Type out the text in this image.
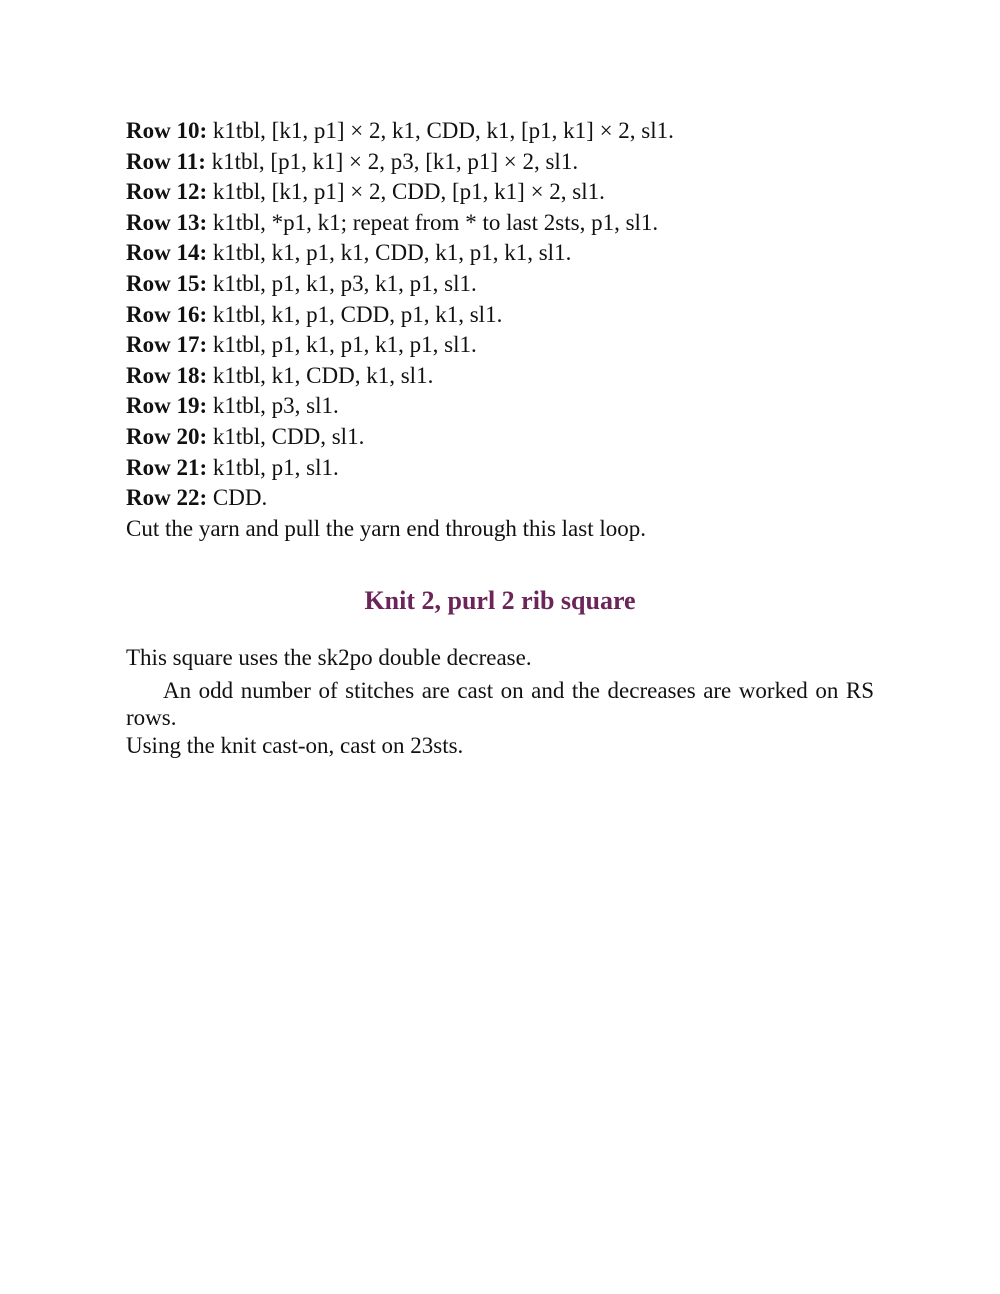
Row 10: k1tbl, [k1, p1] × 2, k1, CDD, k1, [p1, k1] × 2, sl1.

Row 11: k1tbl, [p1, k1] × 2, p3, [k1, p1] × 2, sl1.

Row 12: k1tbl, [k1, p1] × 2, CDD, [p1, k1] × 2, sl1.

Row 13: k1tbl, *p1, k1; repeat from * to last 2sts, p1, sl1.

Row 14: k1tbl, k1, p1, k1, CDD, k1, p1, k1, sl1.

Row 15: k1tbl, p1, k1, p3, k1, p1, sl1.

Row 16: k1tbl, k1, p1, CDD, p1, k1, sl1.

Row 17: k1tbl, p1, k1, p1, k1, p1, sl1.

Row 18: k1tbl, k1, CDD, k1, sl1.

Row 19: k1tbl, p3, sl1.

Row 20: k1tbl, CDD, sl1.

Row 21: k1tbl, p1, sl1.

Row 22: CDD.

Cut the yarn and pull the yarn end through this last loop.

Knit 2, purl 2 rib square

This square uses the sk2po double decrease.

An odd number of stitches are cast on and the decreases are worked on RS rows.

Using the knit cast-on, cast on 23sts.
